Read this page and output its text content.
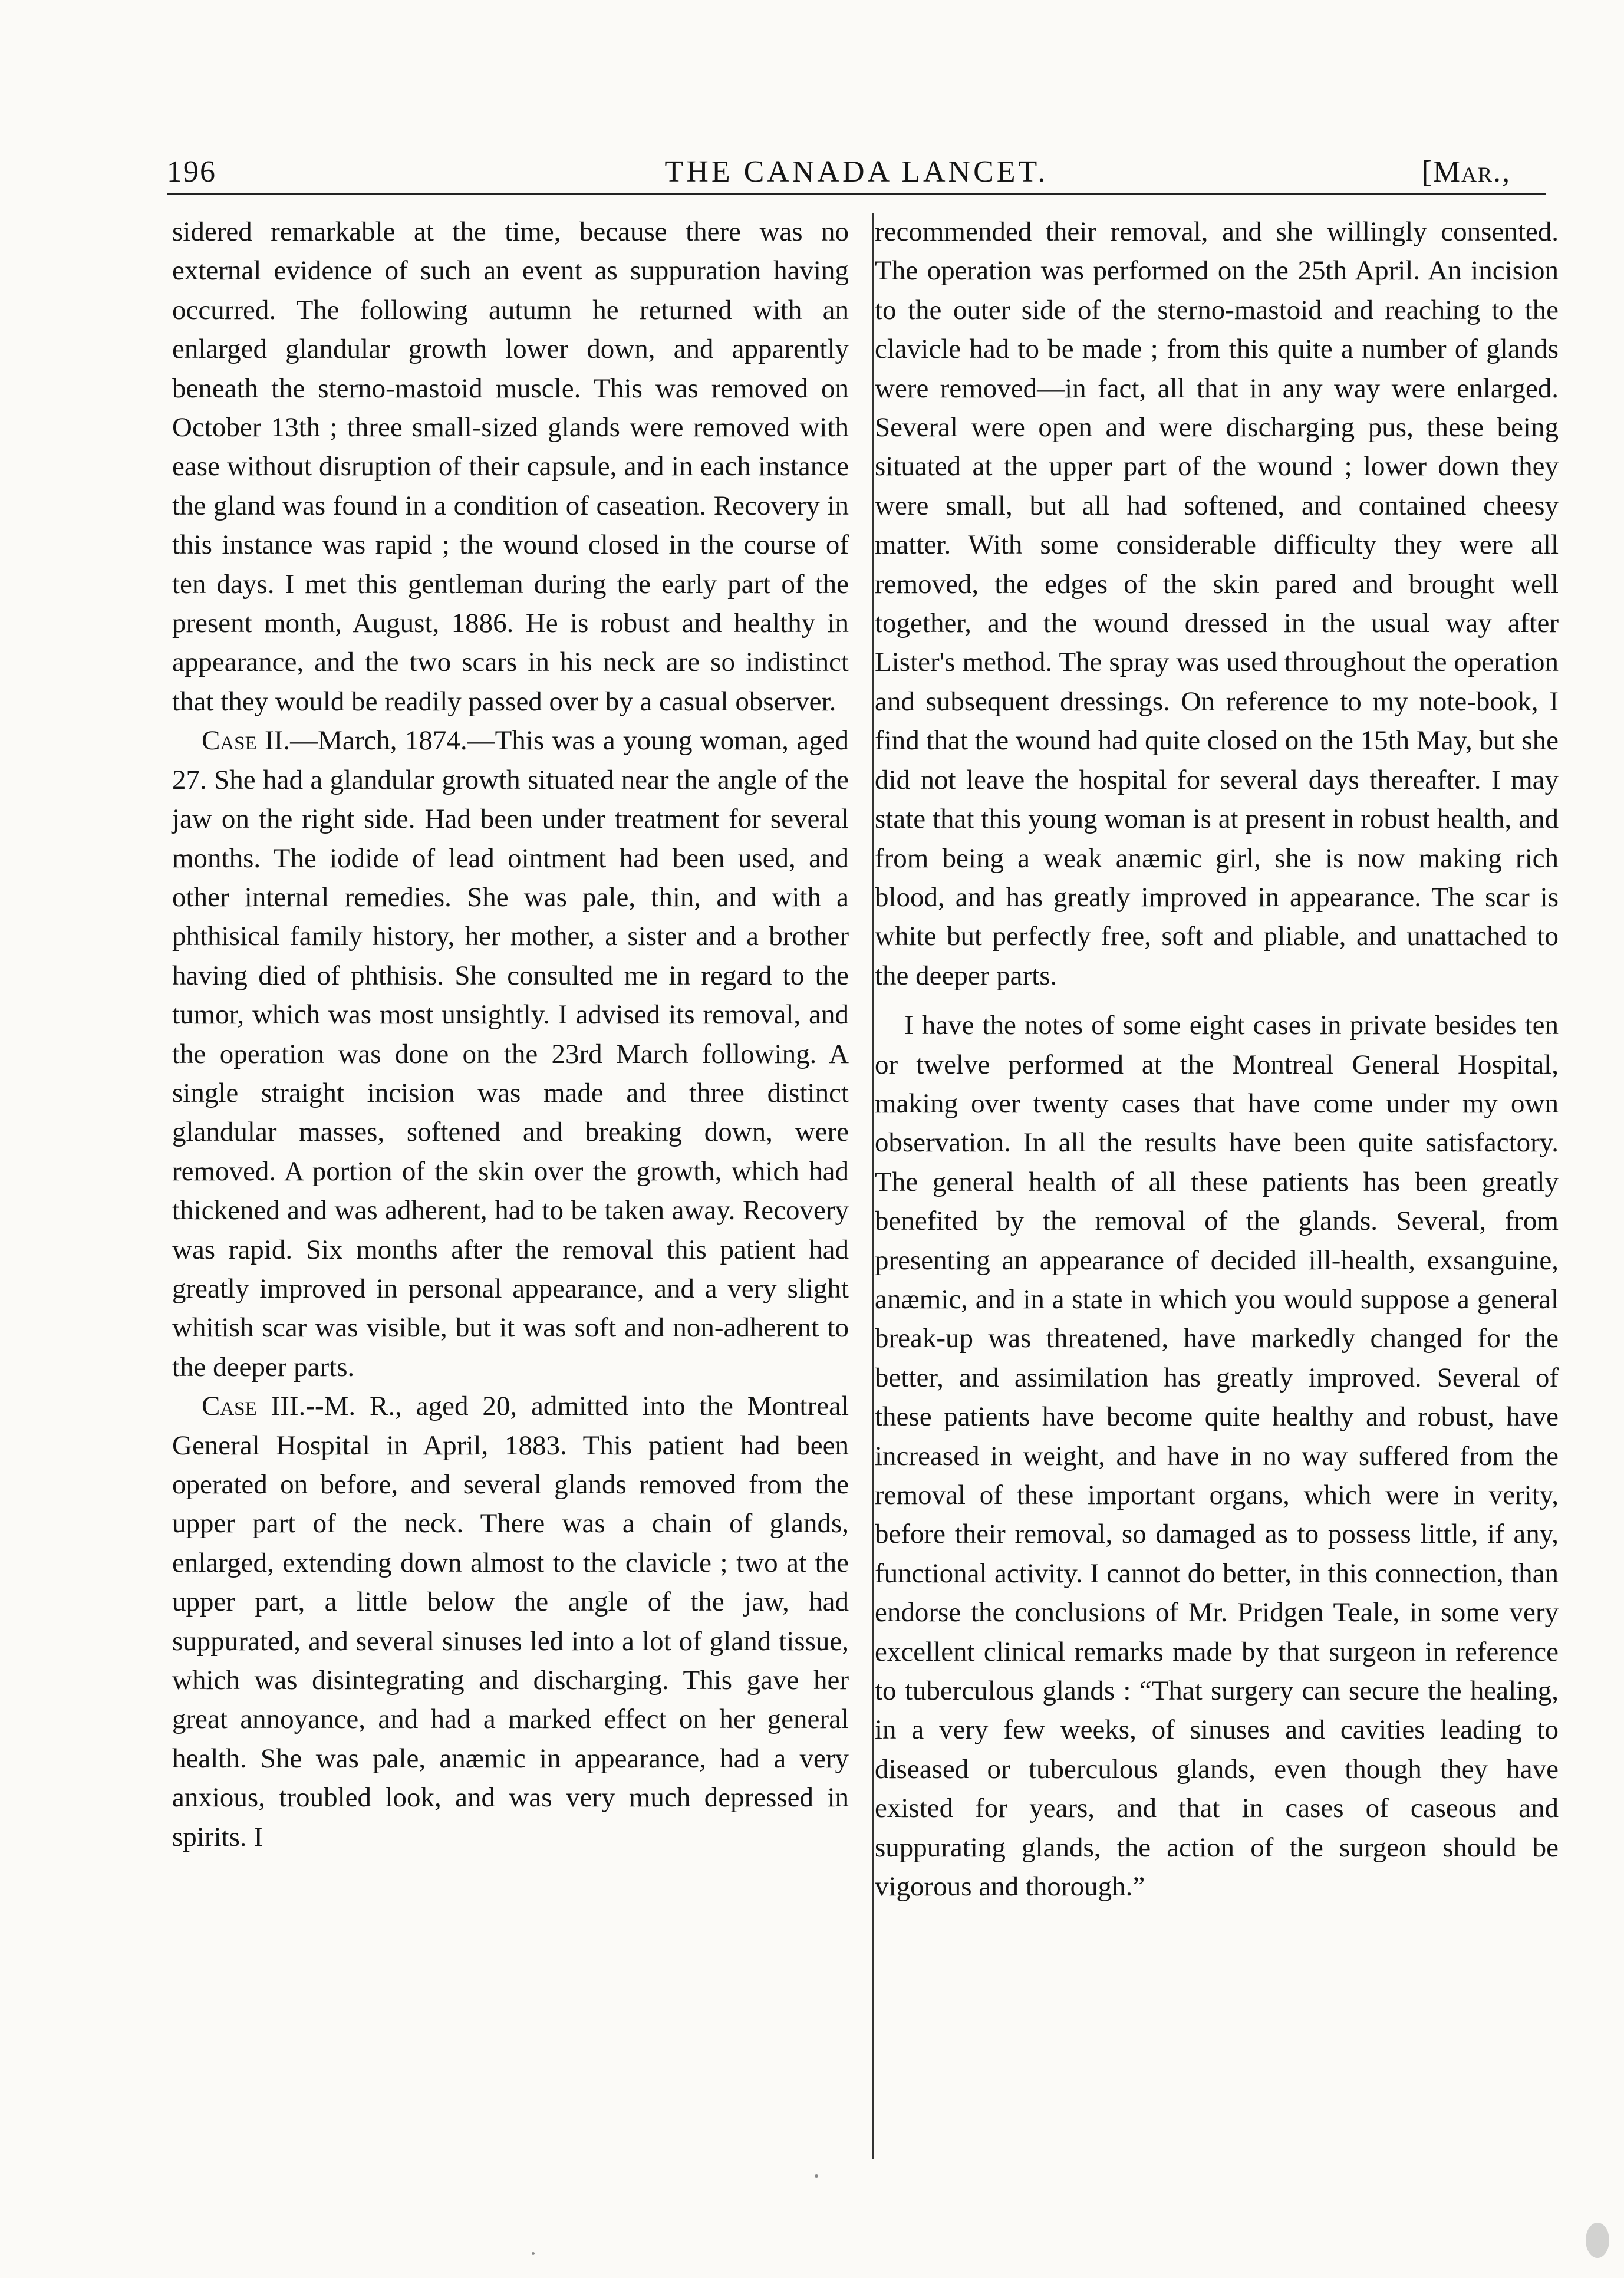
196	THE CANADA LANCET.	[Mar.,

sidered remarkable at the time, because there was no external evidence of such an event as suppuration having occurred. The following autumn he returned with an enlarged glandular growth lower down, and apparently beneath the sterno-mastoid muscle. This was removed on October 13th ; three small-sized glands were removed with ease without disruption of their capsule, and in each instance the gland was found in a condition of caseation. Recovery in this instance was rapid ; the wound closed in the course of ten days. I met this gentleman during the early part of the present month, August, 1886. He is robust and healthy in appearance, and the two scars in his neck are so indistinct that they would be readily passed over by a casual observer.

Case II.—March, 1874.—This was a young woman, aged 27. She had a glandular growth situated near the angle of the jaw on the right side. Had been under treatment for several months. The iodide of lead ointment had been used, and other internal remedies. She was pale, thin, and with a phthisical family history, her mother, a sister and a brother having died of phthisis. She consulted me in regard to the tumor, which was most unsightly. I advised its removal, and the operation was done on the 23rd March following. A single straight incision was made and three distinct glandular masses, softened and breaking down, were removed. A portion of the skin over the growth, which had thickened and was adherent, had to be taken away. Recovery was rapid. Six months after the removal this patient had greatly improved in personal appearance, and a very slight whitish scar was visible, but it was soft and non-adherent to the deeper parts.

Case III.--M. R., aged 20, admitted into the Montreal General Hospital in April, 1883. This patient had been operated on before, and several glands removed from the upper part of the neck. There was a chain of glands, enlarged, extending down almost to the clavicle ; two at the upper part, a little below the angle of the jaw, had suppurated, and several sinuses led into a lot of gland tissue, which was disintegrating and discharging. This gave her great annoyance, and had a marked effect on her general health. She was pale, anæmic in appearance, had a very anxious, troubled look, and was very much depressed in spirits. I

recommended their removal, and she willingly consented. The operation was performed on the 25th April. An incision to the outer side of the sterno-mastoid and reaching to the clavicle had to be made ; from this quite a number of glands were removed—in fact, all that in any way were enlarged. Several were open and were discharging pus, these being situated at the upper part of the wound ; lower down they were small, but all had softened, and contained cheesy matter. With some considerable difficulty they were all removed, the edges of the skin pared and brought well together, and the wound dressed in the usual way after Lister's method. The spray was used throughout the operation and subsequent dressings. On reference to my note-book, I find that the wound had quite closed on the 15th May, but she did not leave the hospital for several days thereafter. I may state that this young woman is at present in robust health, and from being a weak anæmic girl, she is now making rich blood, and has greatly improved in appearance. The scar is white but perfectly free, soft and pliable, and unattached to the deeper parts.

I have the notes of some eight cases in private besides ten or twelve performed at the Montreal General Hospital, making over twenty cases that have come under my own observation. In all the results have been quite satisfactory. The general health of all these patients has been greatly benefited by the removal of the glands. Several, from presenting an appearance of decided ill-health, exsanguine, anæmic, and in a state in which you would suppose a general break-up was threatened, have markedly changed for the better, and assimilation has greatly improved. Several of these patients have become quite healthy and robust, have increased in weight, and have in no way suffered from the removal of these important organs, which were in verity, before their removal, so damaged as to possess little, if any, functional activity. I cannot do better, in this connection, than endorse the conclusions of Mr. Pridgen Teale, in some very excellent clinical remarks made by that surgeon in reference to tuberculous glands : “That surgery can secure the healing, in a very few weeks, of sinuses and cavities leading to diseased or tuberculous glands, even though they have existed for years, and that in cases of caseous and suppurating glands, the action of the surgeon should be vigorous and thorough.”
